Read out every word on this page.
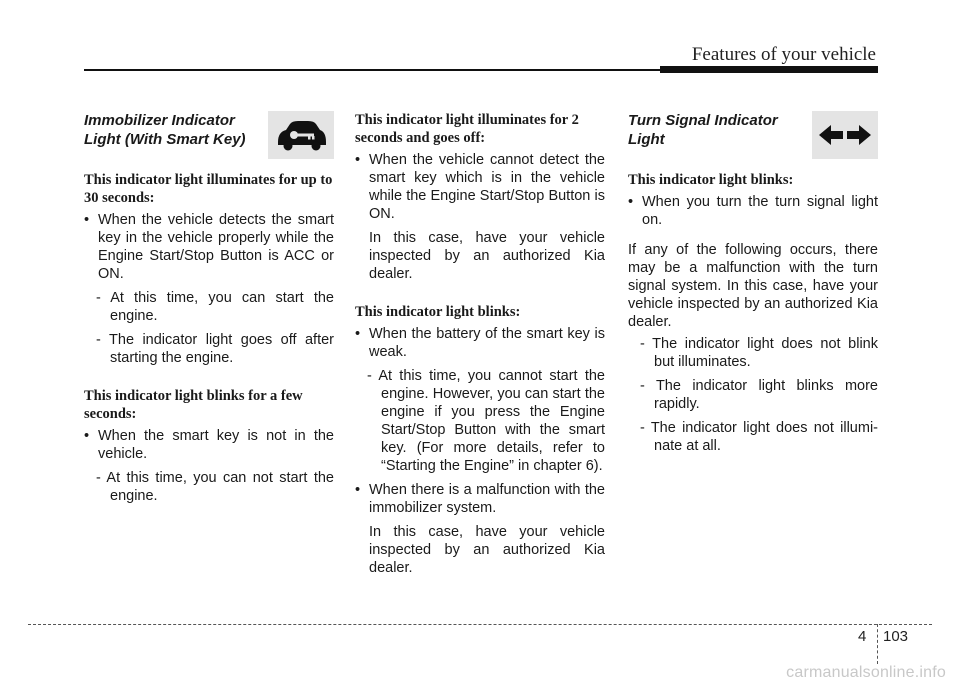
Features of your vehicle
Immobilizer Indicator
Light (With Smart Key)

This indicator light illuminates for up to 30 seconds:

• When the vehicle detects the smart key in the vehicle properly while the Engine Start/Stop Button is ACC or ON.
- At this time, you can start the engine.
- The indicator light goes off after starting the engine.

This indicator light blinks for a few seconds:

• When the smart key is not in the vehicle.
- At this time, you can not start the engine.

This indicator light illuminates for 2 seconds and goes off:

• When the vehicle cannot detect the smart key which is in the vehicle while the Engine Start/Stop Button is ON.
In this case, have your vehicle inspected by an authorized Kia dealer.

This indicator light blinks:

• When the battery of the smart key is weak.
- At this time, you cannot start the engine. However, you can start the engine if you press the Engine Start/Stop Button with the smart key. (For more details, refer to “Starting the Engine” in chapter 6).
• When there is a malfunction with the immobilizer system.
In this case, have your vehicle inspected by an authorized Kia dealer.
Turn Signal Indicator
Light

This indicator light blinks:

• When you turn the turn signal light on.
If any of the following occurs, there may be a malfunction with the turn signal system. In this case, have your vehicle inspected by an authorized Kia dealer.
- The indicator light does not blink but illuminates.
- The indicator light blinks more rapidly.
- The indicator light does not illumi-nate at all.
4 103
carmanualsonline.info
